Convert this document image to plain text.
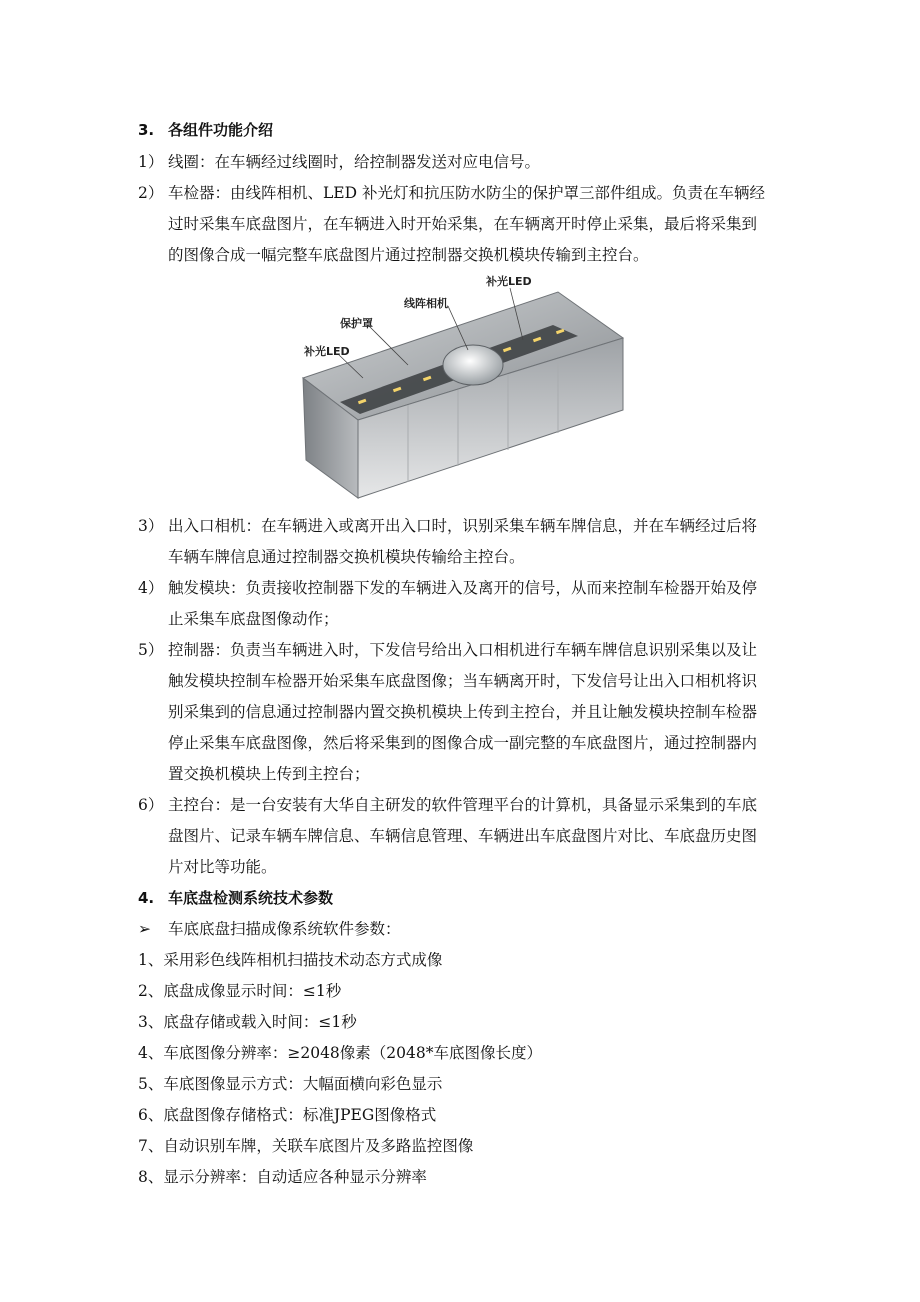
3. 各组件功能介绍
1） 线圈：在车辆经过线圈时，给控制器发送对应电信号。
2） 车检器：由线阵相机、LED 补光灯和抗压防水防尘的保护罩三部件组成。负责在车辆经
过时采集车底盘图片，在车辆进入时开始采集，在车辆离开时停止采集，最后将采集到
的图像合成一幅完整车底盘图片通过控制器交换机模块传输到主控台。
补光LED
线阵相机
保护罩
补光LED
3） 出入口相机：在车辆进入或离开出入口时，识别采集车辆车牌信息，并在车辆经过后将
车辆车牌信息通过控制器交换机模块传输给主控台。
4） 触发模块：负责接收控制器下发的车辆进入及离开的信号，从而来控制车检器开始及停
止采集车底盘图像动作；
5） 控制器：负责当车辆进入时，下发信号给出入口相机进行车辆车牌信息识别采集以及让
触发模块控制车检器开始采集车底盘图像；当车辆离开时，下发信号让出入口相机将识
别采集到的信息通过控制器内置交换机模块上传到主控台，并且让触发模块控制车检器
停止采集车底盘图像，然后将采集到的图像合成一副完整的车底盘图片，通过控制器内
置交换机模块上传到主控台；
6） 主控台：是一台安装有大华自主研发的软件管理平台的计算机，具备显示采集到的车底
盘图片、记录车辆车牌信息、车辆信息管理、车辆进出车底盘图片对比、车底盘历史图
片对比等功能。
4. 车底盘检测系统技术参数
➢ 车底底盘扫描成像系统软件参数：
1、采用彩色线阵相机扫描技术动态方式成像
2、底盘成像显示时间：≤1秒
3、底盘存储或载入时间：≤1秒
4、车底图像分辨率：≥2048像素（2048*车底图像长度）
5、车底图像显示方式：大幅面横向彩色显示
6、底盘图像存储格式：标准JPEG图像格式
7、自动识别车牌，关联车底图片及多路监控图像
8、显示分辨率：自动适应各种显示分辨率
